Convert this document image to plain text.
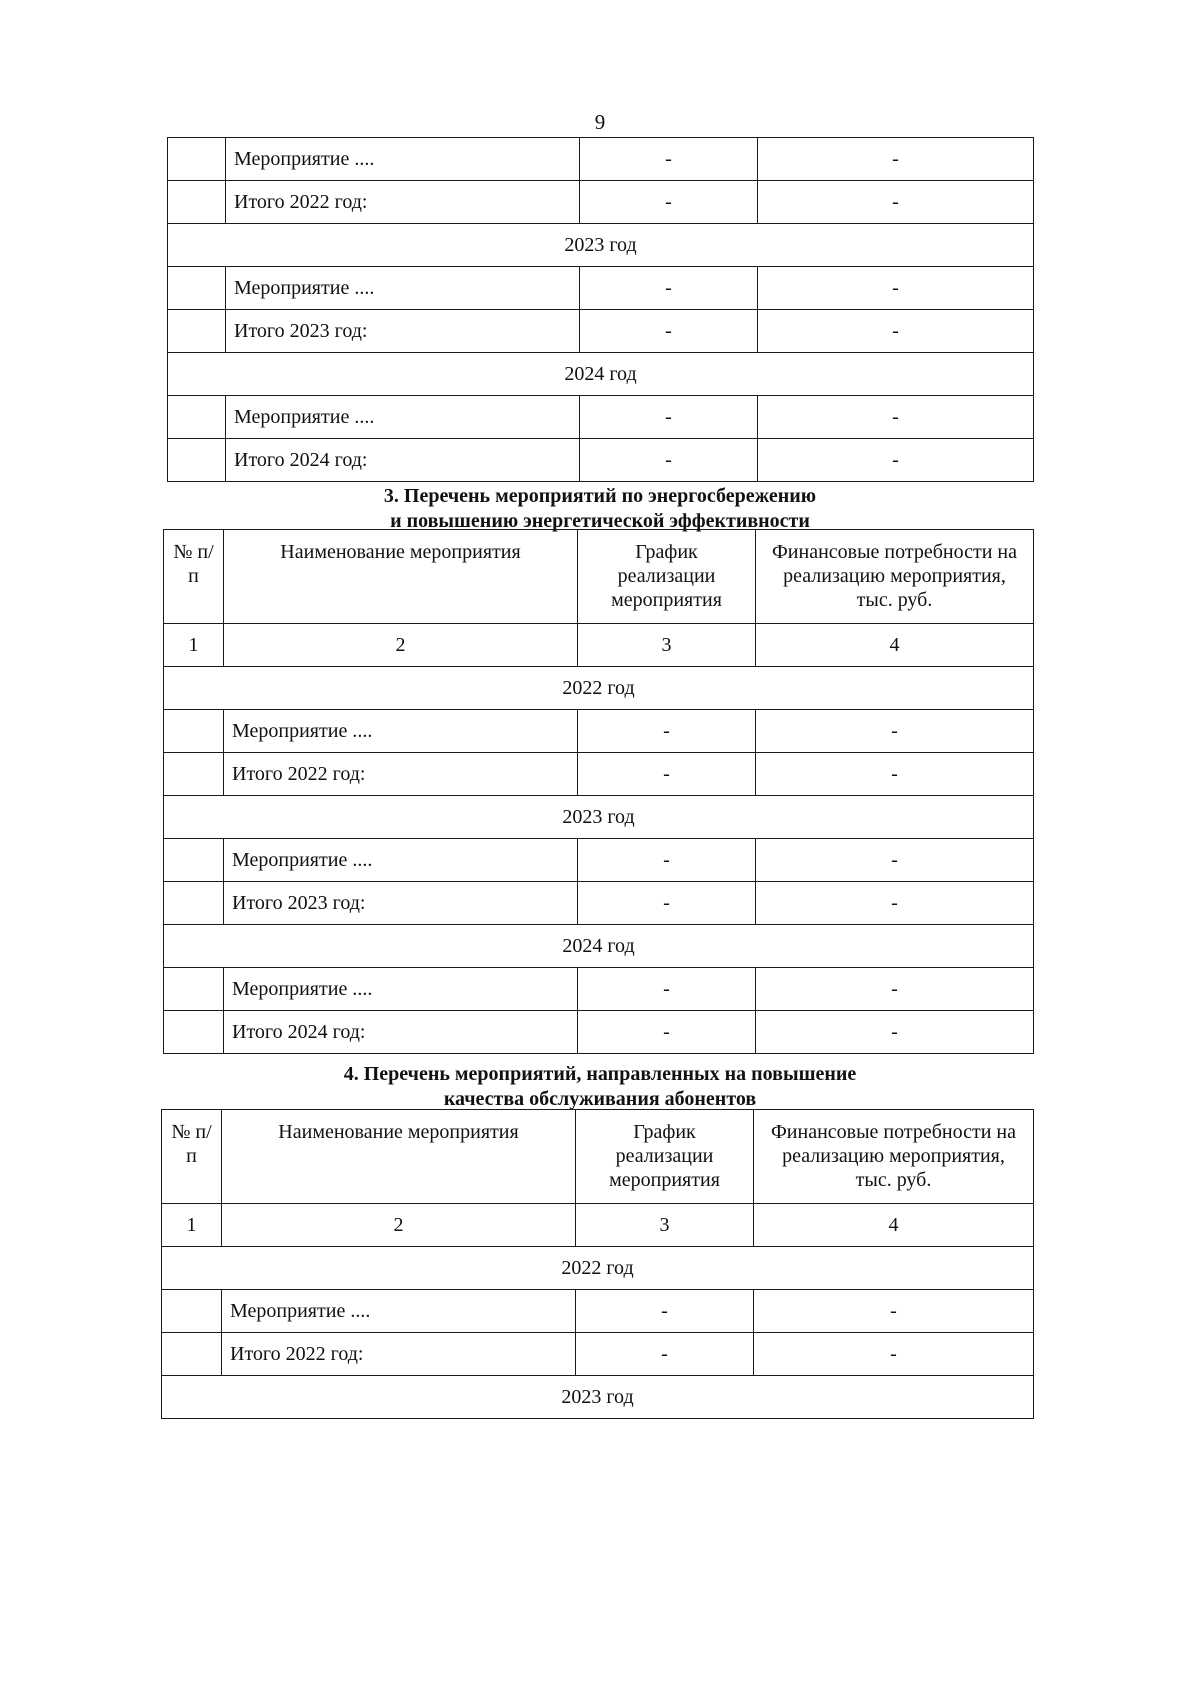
9
	Мероприятие ....	-	-
	Итого 2022 год:	-	-
2023 год			
	Мероприятие ....	-	-
	Итого 2023 год:	-	-
2024 год			
	Мероприятие ....	-	-
	Итого 2024 год:	-	-
3. Перечень мероприятий по энергосбережению
и повышению энергетической эффективности
№ п/п	Наименование мероприятия	График реализации мероприятия	Финансовые потребности на реализацию мероприятия, тыс. руб.
1	2	3	4
2022 год			
	Мероприятие ....	-	-
	Итого 2022 год:	-	-
2023 год			
	Мероприятие ....	-	-
	Итого 2023 год:	-	-
2024 год			
	Мероприятие ....	-	-
	Итого 2024 год:	-	-
4. Перечень мероприятий, направленных на повышение
качества обслуживания абонентов
№ п/п	Наименование мероприятия	График реализации мероприятия	Финансовые потребности на реализацию мероприятия, тыс. руб.
1	2	3	4
2022 год			
	Мероприятие ....	-	-
	Итого 2022 год:	-	-
2023 год			
